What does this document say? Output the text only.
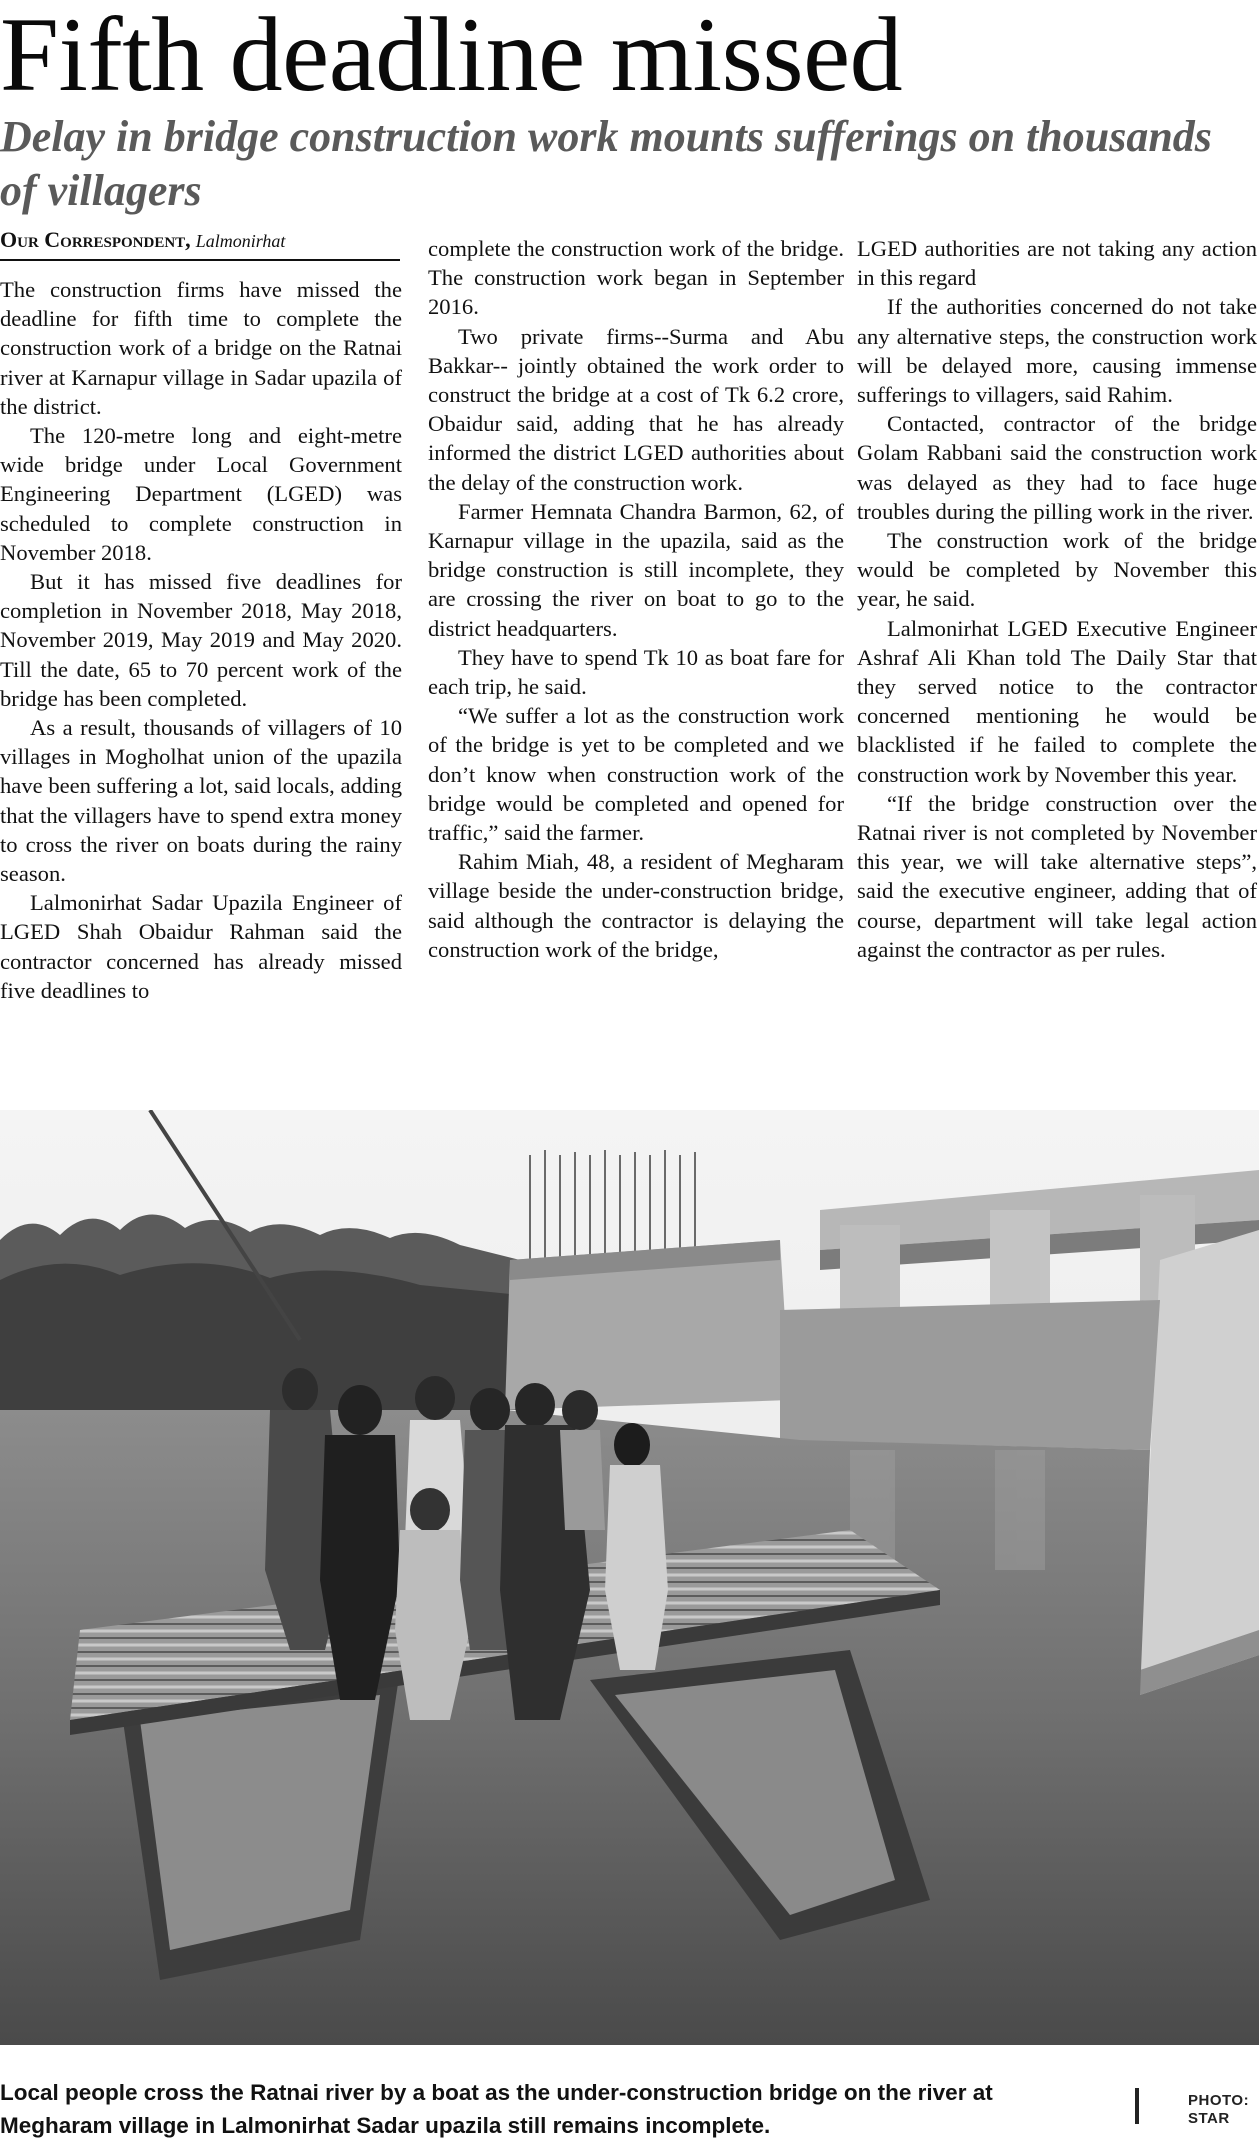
Fifth deadline missed
Delay in bridge construction work mounts sufferings on thousands of villagers
Our Correspondent, Lalmonirhat

The construction firms have missed the deadline for fifth time to complete the construction work of a bridge on the Ratnai river at Karnapur village in Sadar upazila of the district.

The 120-metre long and eight-metre wide bridge under Local Government Engineering Department (LGED) was scheduled to complete construction in November 2018.

But it has missed five deadlines for completion in November 2018, May 2018, November 2019, May 2019 and May 2020. Till the date, 65 to 70 percent work of the bridge has been completed.

As a result, thousands of villagers of 10 villages in Mogholhat union of the upazila have been suffering a lot, said locals, adding that the villagers have to spend extra money to cross the river on boats during the rainy season.

Lalmonirhat Sadar Upazila Engineer of LGED Shah Obaidur Rahman said the contractor concerned has already missed five deadlines to

complete the construction work of the bridge. The construction work began in September 2016.

Two private firms--Surma and Abu Bakkar-- jointly obtained the work order to construct the bridge at a cost of Tk 6.2 crore, Obaidur said, adding that he has already informed the district LGED authorities about the delay of the construction work.

Farmer Hemnata Chandra Barmon, 62, of Karnapur village in the upazila, said as the bridge construction is still incomplete, they are crossing the river on boat to go to the district headquarters.

They have to spend Tk 10 as boat fare for each trip, he said.

“We suffer a lot as the construction work of the bridge is yet to be completed and we don’t know when construction work of the bridge would be completed and opened for traffic,” said the farmer.

Rahim Miah, 48, a resident of Megharam village beside the under-construction bridge, said although the contractor is delaying the construction work of the bridge,

LGED authorities are not taking any action in this regard

If the authorities concerned do not take any alternative steps, the construction work will be delayed more, causing immense sufferings to villagers, said Rahim.

Contacted, contractor of the bridge Golam Rabbani said the construction work was delayed as they had to face huge troubles during the pilling work in the river.

The construction work of the bridge would be completed by November this year, he said.

Lalmonirhat LGED Executive Engineer Ashraf Ali Khan told The Daily Star that they served notice to the contractor concerned mentioning he would be blacklisted if he failed to complete the construction work by November this year.

“If the bridge construction over the Ratnai river is not completed by November this year, we will take alternative steps”, said the executive engineer, adding that of course, department will take legal action against the contractor as per rules.

Local people cross the Ratnai river by a boat as the under-construction bridge on the river at Megharam village in Lalmonirhat Sadar upazila still remains incomplete.
PHOTO:
STAR
